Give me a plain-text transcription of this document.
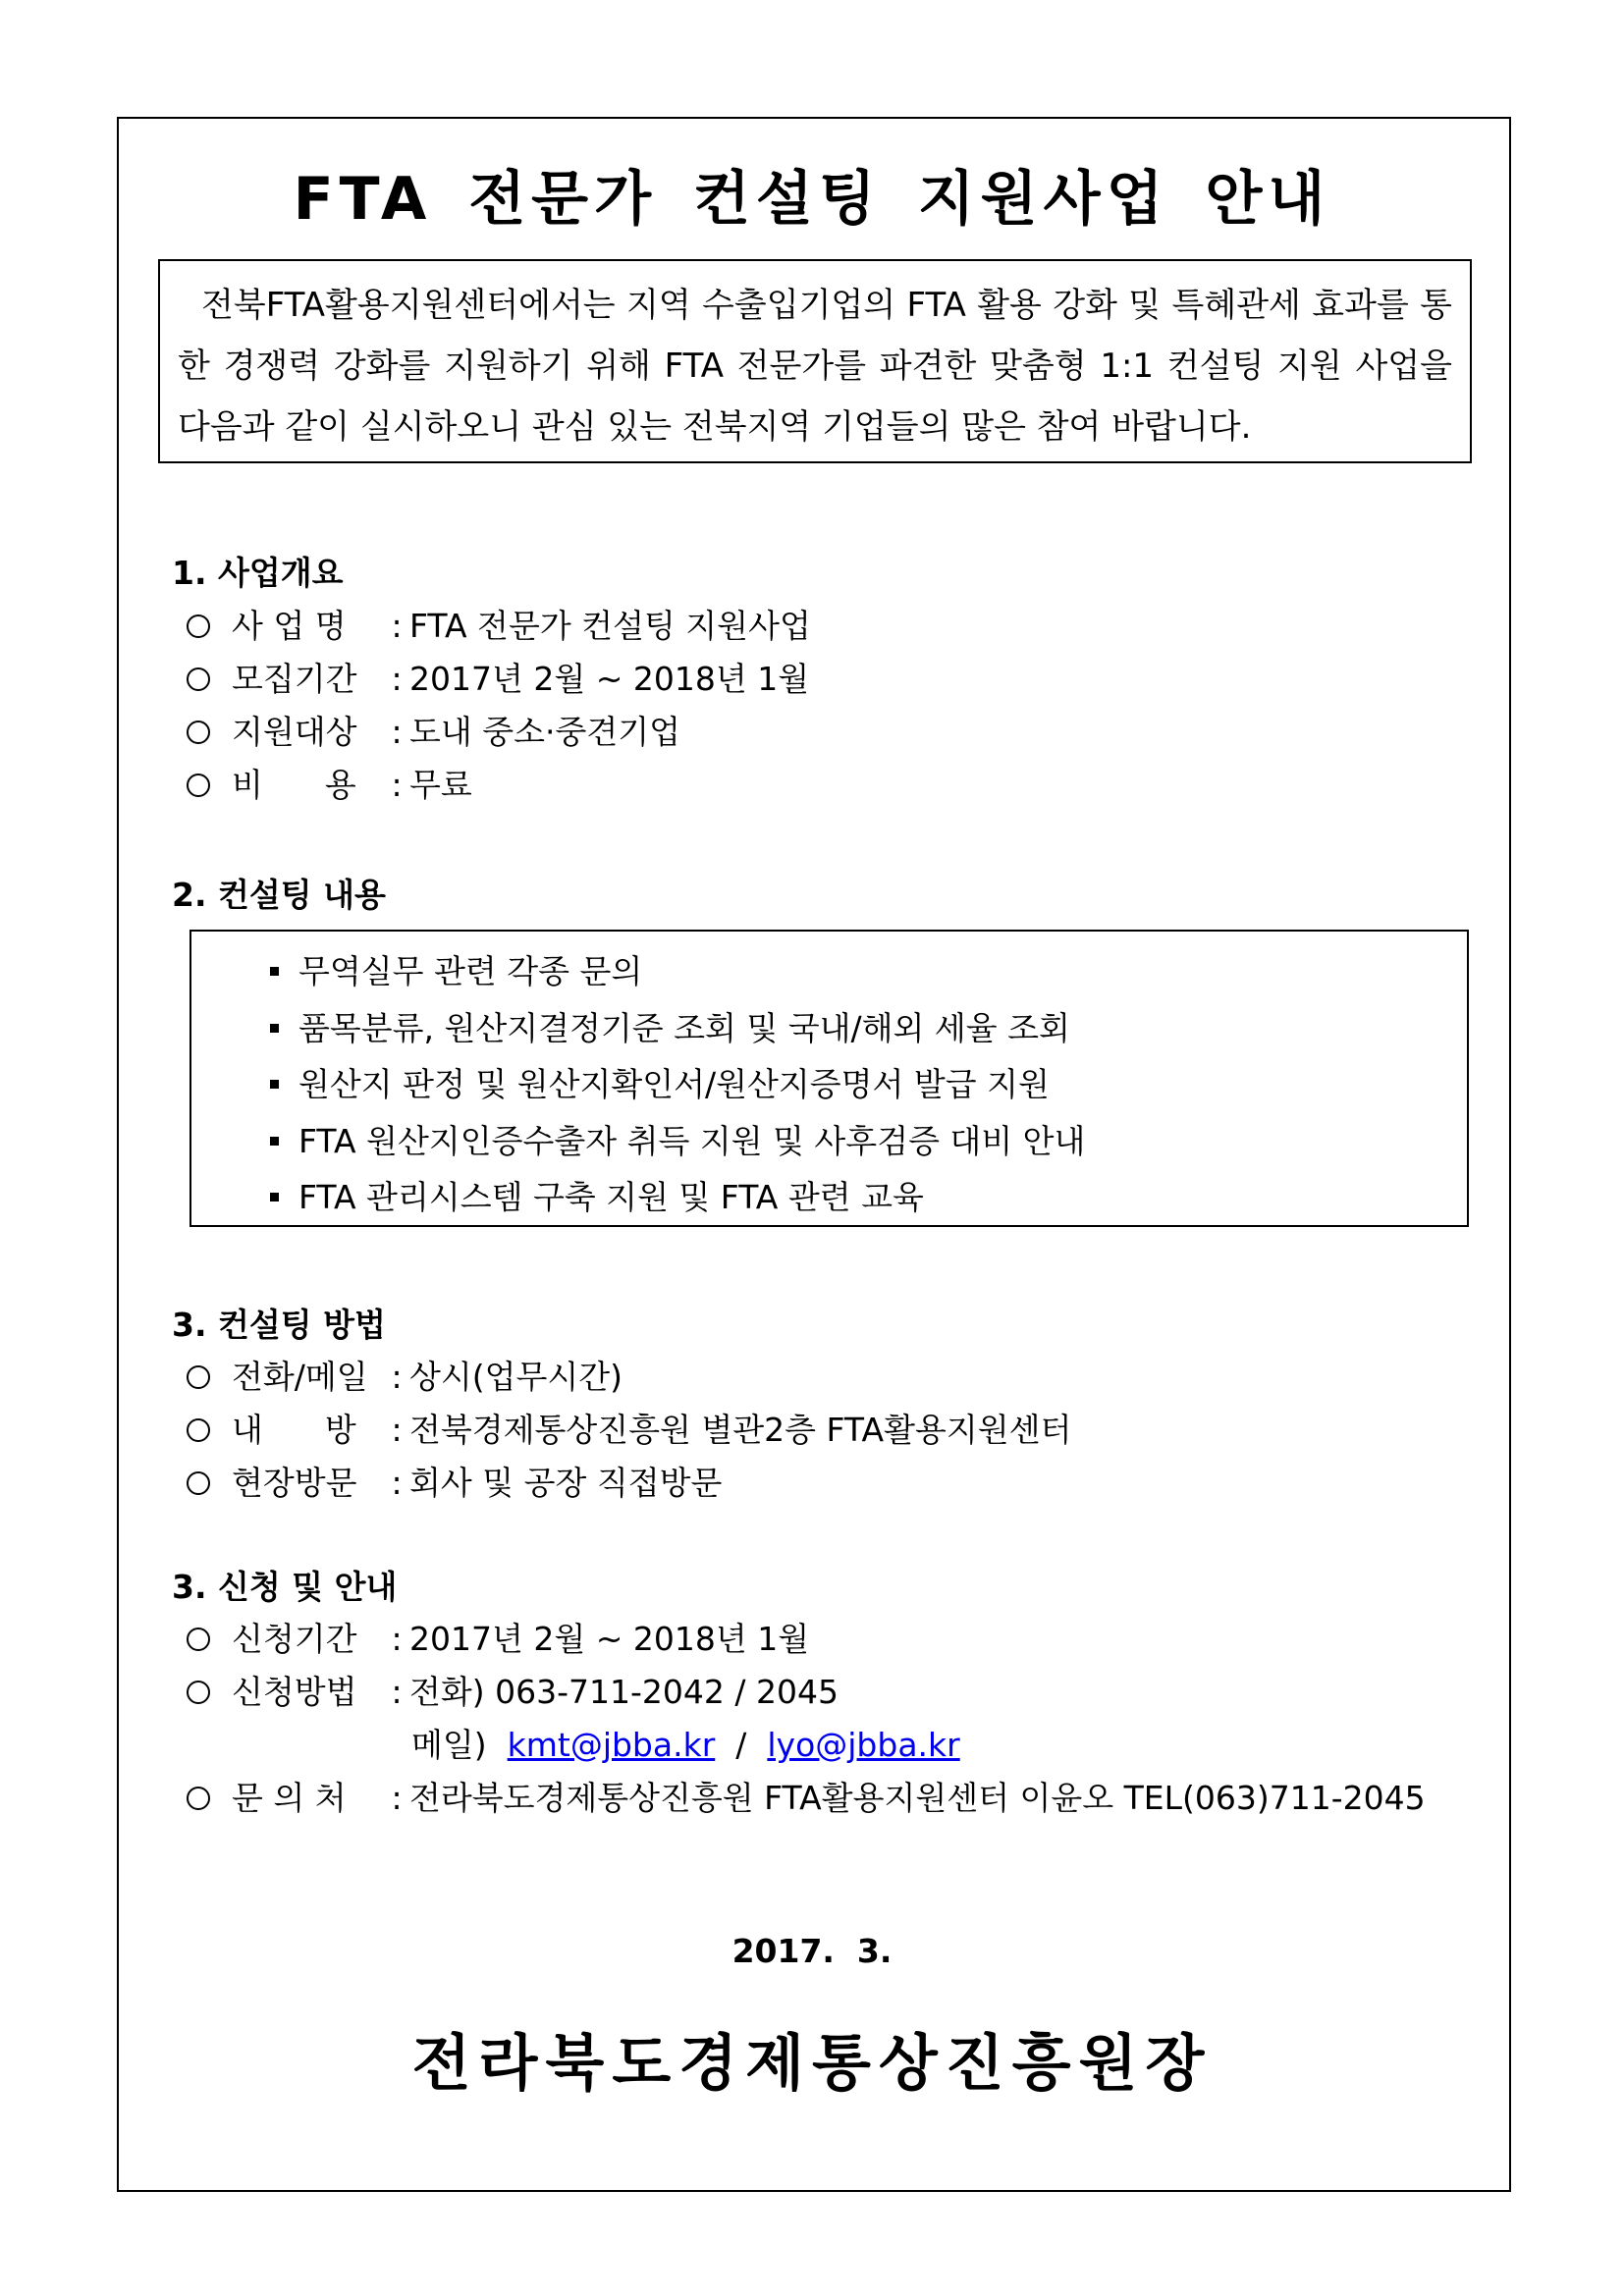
FTA 전문가 컨설팅 지원사업 안내
전북FTA활용지원센터에서는 지역 수출입기업의 FTA 활용 강화 및 특혜관세 효과를 통한 경쟁력 강화를 지원하기 위해 FTA 전문가를 파견한 맞춤형 1:1 컨설팅 지원 사업을 다음과 같이 실시하오니 관심 있는 전북지역 기업들의 많은 참여 바랍니다.
1. 사업개요
사 업 명	: FTA 전문가 컨설팅 지원사업
모집기간	: 2017년 2월 ~ 2018년 1월
지원대상	: 도내 중소·중견기업
비      용	: 무료
2. 컨설팅 내용
무역실무 관련 각종 문의
품목분류, 원산지결정기준 조회 및 국내/해외 세율 조회
원산지 판정 및 원산지확인서/원산지증명서 발급 지원
FTA 원산지인증수출자 취득 지원 및 사후검증 대비 안내
FTA 관리시스템 구축 지원 및 FTA 관련 교육
3. 컨설팅 방법
전화/메일 : 상시(업무시간)
내      방	: 전북경제통상진흥원 별관2층 FTA활용지원센터
현장방문	: 회사 및 공장 직접방문
3. 신청 및 안내
신청기간	: 2017년 2월 ~ 2018년 1월
신청방법	: 전화) 063-711-2042 / 2045
메일)
kmt@jbba.kr
/
lyo@jbba.kr
문 의 처	: 전라북도경제통상진흥원 FTA활용지원센터 이윤오 TEL(063)711-2045

2017.  3.

전라북도경제통상진흥원장
